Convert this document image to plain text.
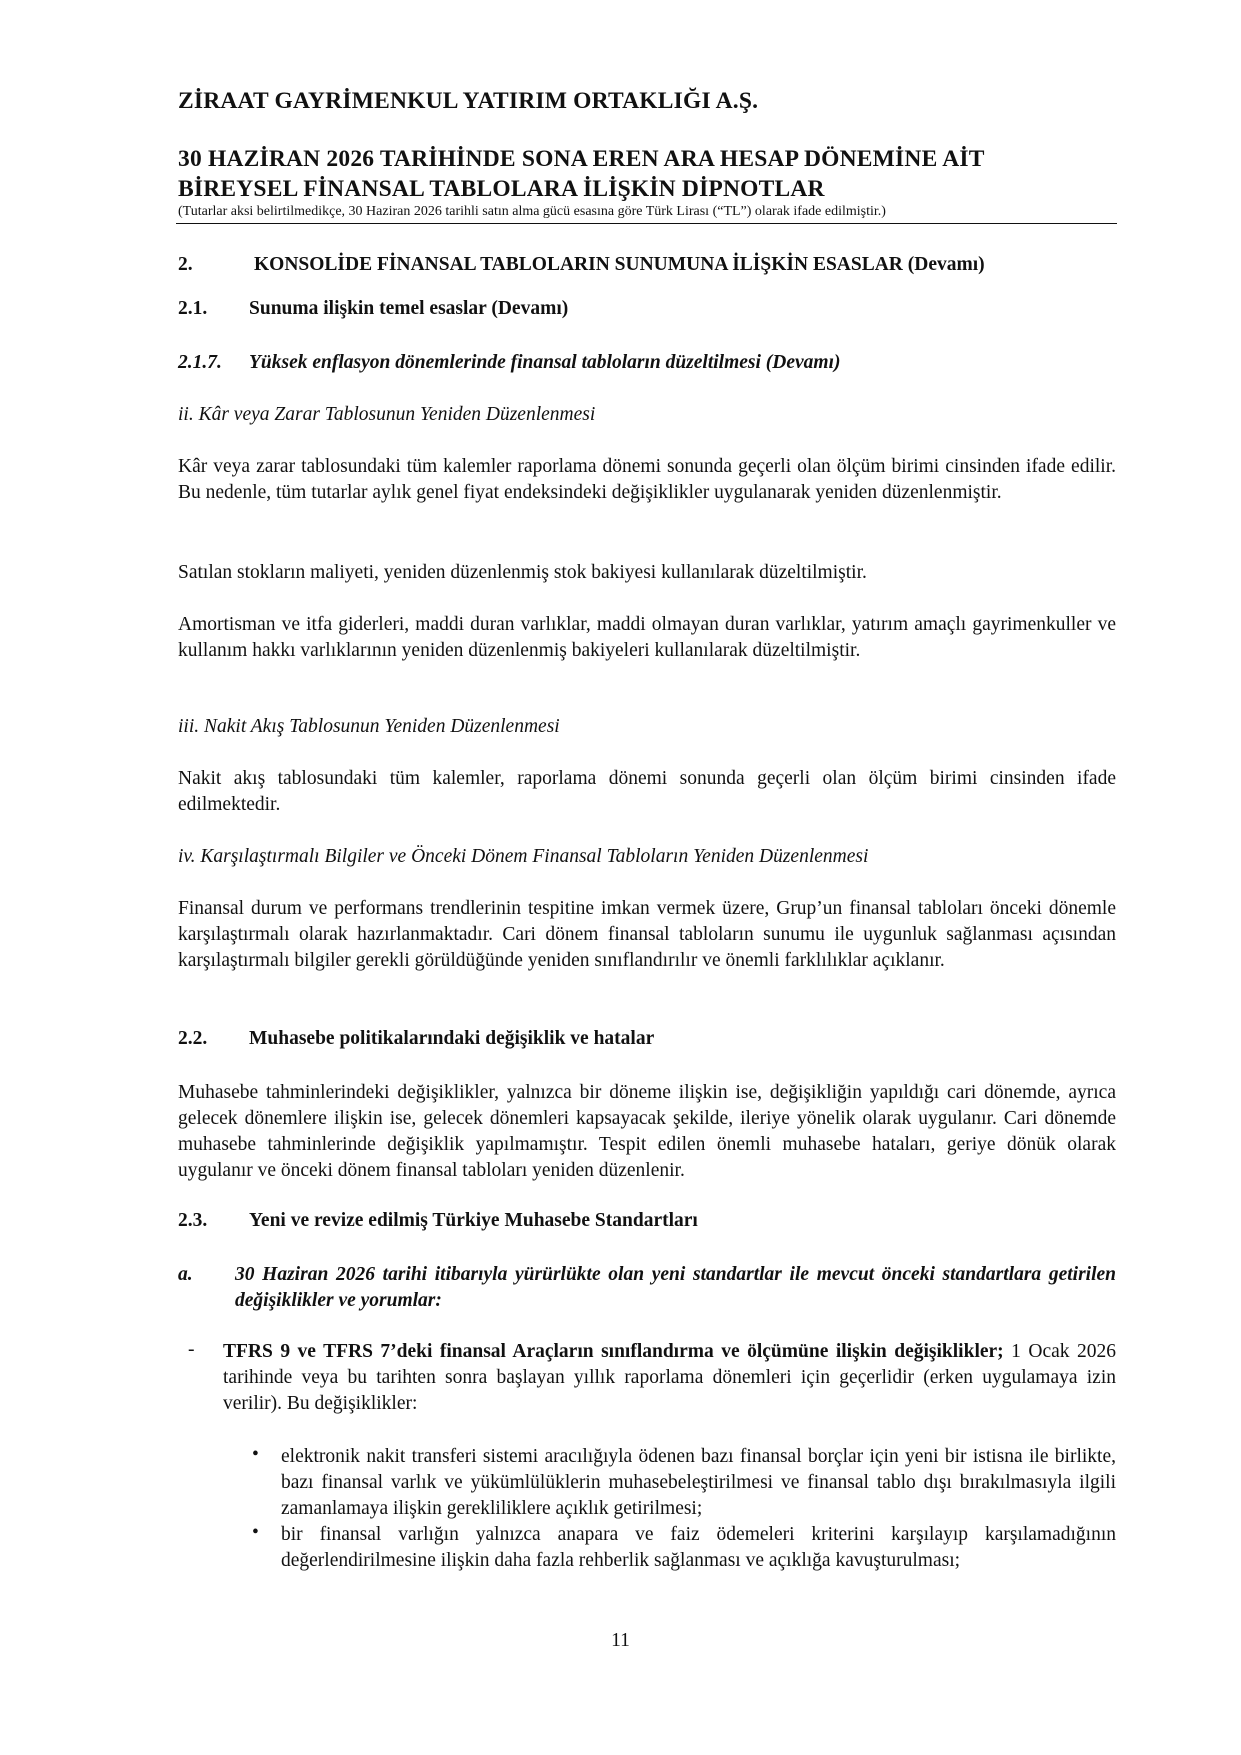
ZİRAAT GAYRİMENKUL YATIRIM ORTAKLIĞI A.Ş.
30 HAZİRAN 2026 TARİHİNDE SONA EREN ARA HESAP DÖNEMİNE AİT
BİREYSEL FİNANSAL TABLOLARA İLİŞKİN DİPNOTLAR
(Tutarlar aksi belirtilmedikçe, 30 Haziran 2026 tarihli satın alma gücü esasına göre Türk Lirası (“TL”) olarak ifade edilmiştir.)
2.	KONSOLİDE FİNANSAL TABLOLARIN SUNUMUNA İLİŞKİN ESASLAR (Devamı)
2.1. Sunuma ilişkin temel esaslar (Devamı)
2.1.7. Yüksek enflasyon dönemlerinde finansal tabloların düzeltilmesi (Devamı)
ii. Kâr veya Zarar Tablosunun Yeniden Düzenlenmesi

Kâr veya zarar tablosundaki tüm kalemler raporlama dönemi sonunda geçerli olan ölçüm birimi cinsinden ifade edilir. Bu nedenle, tüm tutarlar aylık genel fiyat endeksindeki değişiklikler uygulanarak yeniden düzenlenmiştir.

Satılan stokların maliyeti, yeniden düzenlenmiş stok bakiyesi kullanılarak düzeltilmiştir.

Amortisman ve itfa giderleri, maddi duran varlıklar, maddi olmayan duran varlıklar, yatırım amaçlı gayrimenkuller ve kullanım hakkı varlıklarının yeniden düzenlenmiş bakiyeleri kullanılarak düzeltilmiştir.

iii. Nakit Akış Tablosunun Yeniden Düzenlenmesi

Nakit akış tablosundaki tüm kalemler, raporlama dönemi sonunda geçerli olan ölçüm birimi cinsinden ifade edilmektedir.

iv. Karşılaştırmalı Bilgiler ve Önceki Dönem Finansal Tabloların Yeniden Düzenlenmesi

Finansal durum ve performans trendlerinin tespitine imkan vermek üzere, Grup’un finansal tabloları önceki dönemle karşılaştırmalı olarak hazırlanmaktadır. Cari dönem finansal tabloların sunumu ile uygunluk sağlanması açısından karşılaştırmalı bilgiler gerekli görüldüğünde yeniden sınıflandırılır ve önemli farklılıklar açıklanır.

2.2. Muhasebe politikalarındaki değişiklik ve hatalar

Muhasebe tahminlerindeki değişiklikler, yalnızca bir döneme ilişkin ise, değişikliğin yapıldığı cari dönemde, ayrıca gelecek dönemlere ilişkin ise, gelecek dönemleri kapsayacak şekilde, ileriye yönelik olarak uygulanır. Cari dönemde muhasebe tahminlerinde değişiklik yapılmamıştır. Tespit edilen önemli muhasebe hataları, geriye dönük olarak uygulanır ve önceki dönem finansal tabloları yeniden düzenlenir.

2.3. Yeni ve revize edilmiş Türkiye Muhasebe Standartları
a. 30 Haziran 2026 tarihi itibarıyla yürürlükte olan yeni standartlar ile mevcut önceki standartlara getirilen değişiklikler ve yorumlar:
- TFRS 9 ve TFRS 7’deki finansal Araçların sınıflandırma ve ölçümüne ilişkin değişiklikler; 1 Ocak 2026 tarihinde veya bu tarihten sonra başlayan yıllık raporlama dönemleri için geçerlidir (erken uygulamaya izin verilir). Bu değişiklikler:

• elektronik nakit transferi sistemi aracılığıyla ödenen bazı finansal borçlar için yeni bir istisna ile birlikte, bazı finansal varlık ve yükümlülüklerin muhasebeleştirilmesi ve finansal tablo dışı bırakılmasıyla ilgili zamanlamaya ilişkin gerekliliklere açıklık getirilmesi;

• bir finansal varlığın yalnızca anapara ve faiz ödemeleri kriterini karşılayıp karşılamadığının değerlendirilmesine ilişkin daha fazla rehberlik sağlanması ve açıklığa kavuşturulması;

11
